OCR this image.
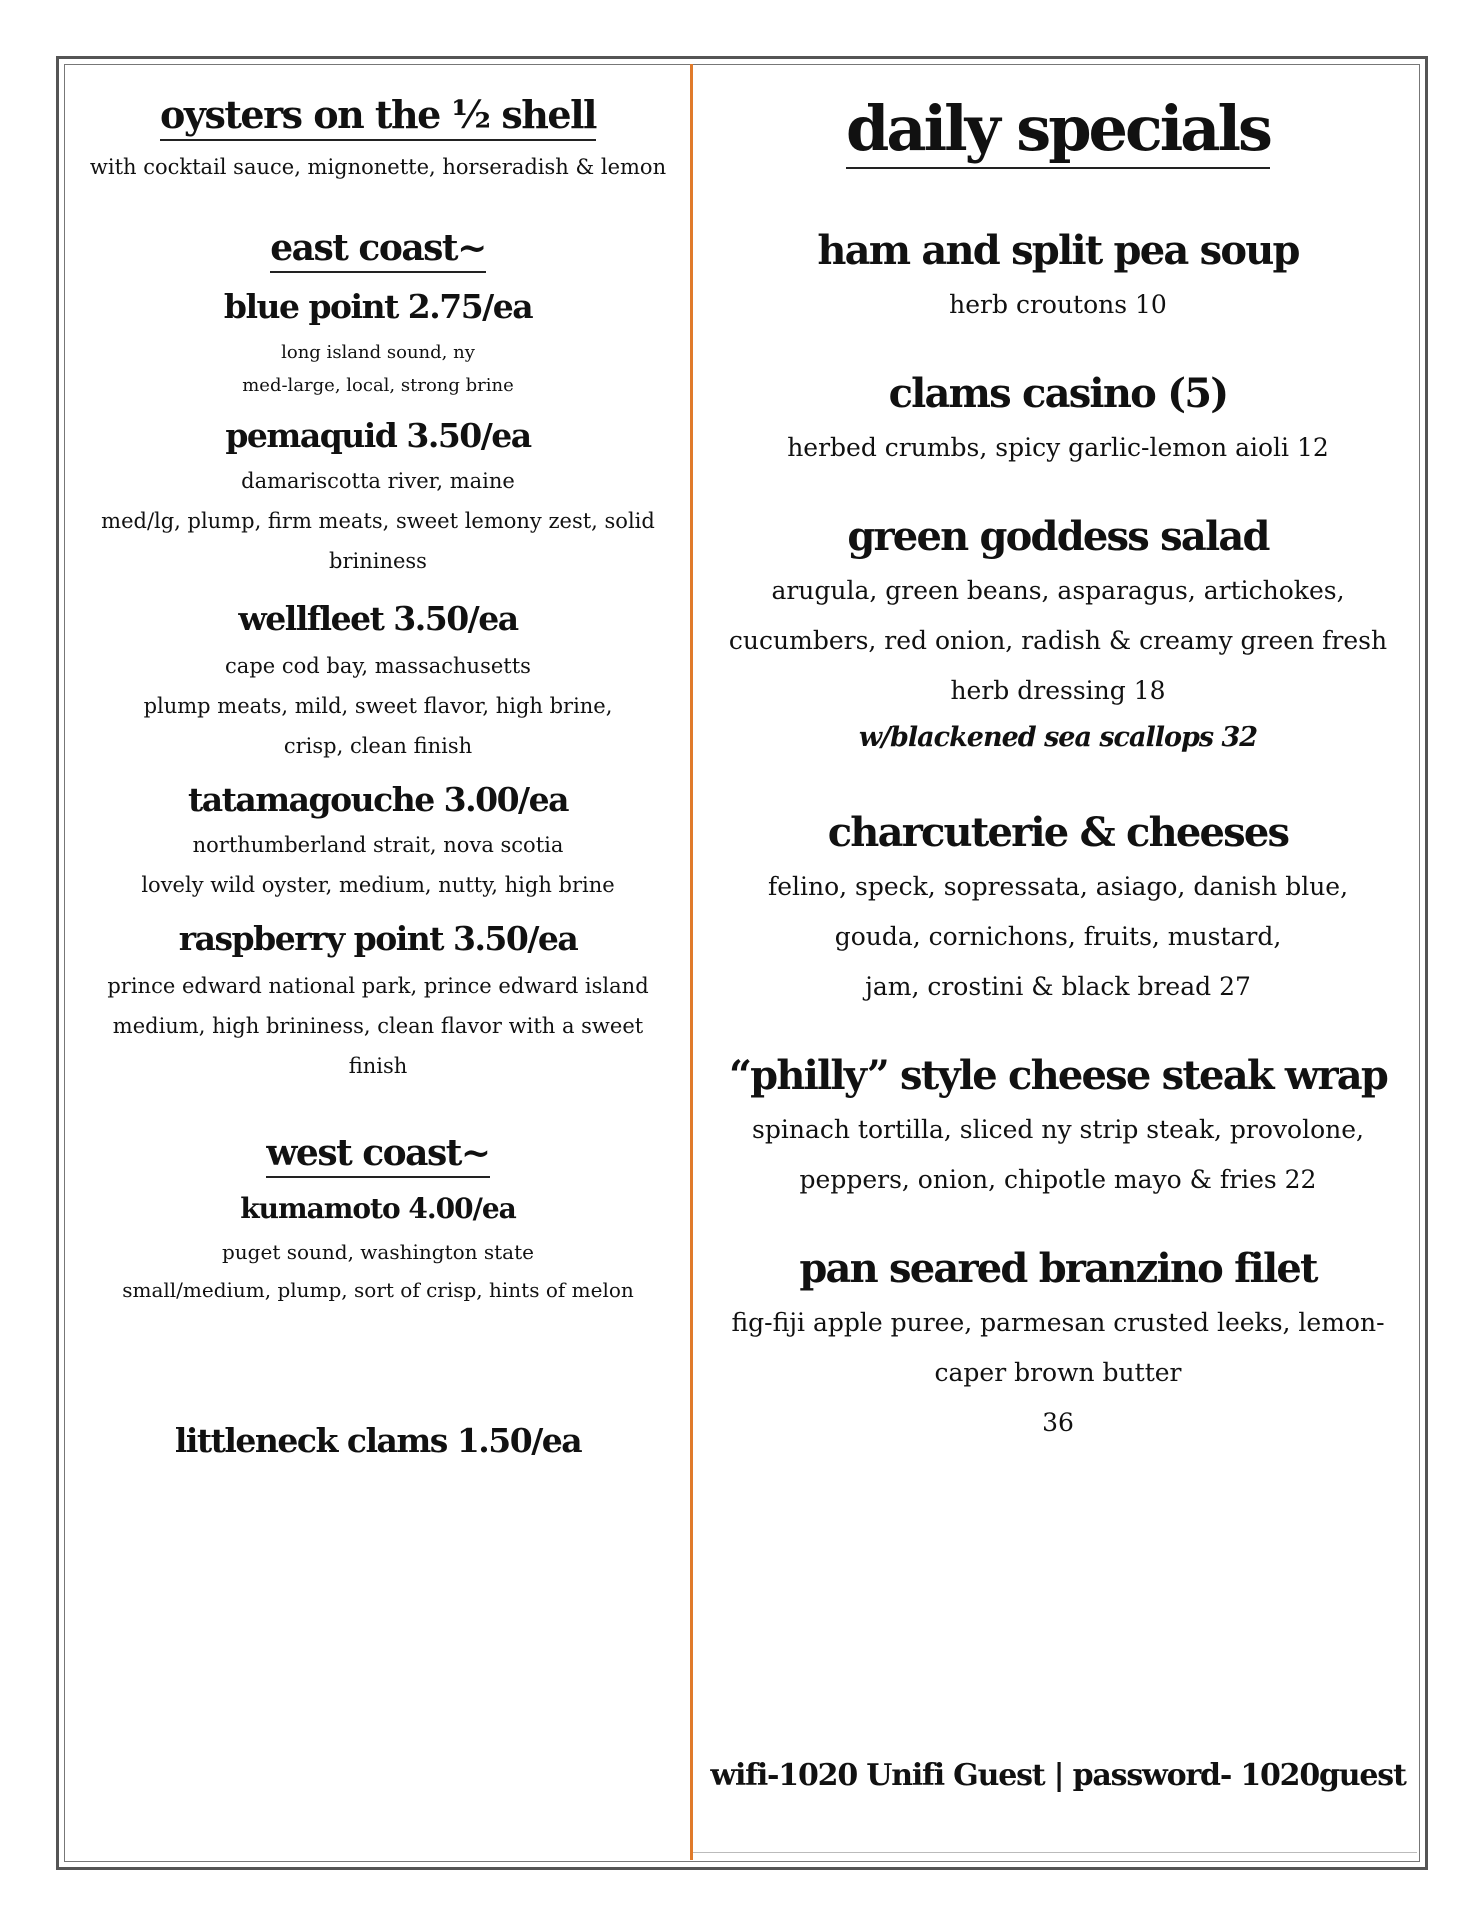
oysters on the ½ shell

with cocktail sauce, mignonette, horseradish & lemon

east coast~
blue point 2.75/ea

long island sound, ny

med-large, local, strong brine

pemaquid 3.50/ea

damariscotta river, maine

med/lg, plump, firm meats, sweet lemony zest, solid

brininess

wellfleet 3.50/ea

cape cod bay, massachusetts

plump meats, mild, sweet flavor, high brine,

crisp, clean finish

tatamagouche 3.00/ea

northumberland strait, nova scotia

lovely wild oyster, medium, nutty, high brine

raspberry point 3.50/ea

prince edward national park, prince edward island

medium, high brininess, clean flavor with a sweet

finish

west coast~
kumamoto 4.00/ea

puget sound, washington state

small/medium, plump, sort of crisp, hints of melon

littleneck clams 1.50/ea
daily specials
ham and split pea soup

herb croutons 10

clams casino (5)

herbed crumbs, spicy garlic-lemon aioli 12

green goddess salad

arugula, green beans, asparagus, artichokes,

cucumbers, red onion, radish & creamy green fresh

herb dressing 18

w/blackened sea scallops 32

charcuterie & cheeses

felino, speck, sopressata, asiago, danish blue,

gouda, cornichons, fruits, mustard,

jam, crostini & black bread 27

“philly” style cheese steak wrap

spinach tortilla, sliced ny strip steak, provolone,

peppers, onion, chipotle mayo & fries 22

pan seared branzino filet

fig-fiji apple puree, parmesan crusted leeks, lemon-

caper brown butter

36

wifi-1020 Unifi Guest | password- 1020guest
